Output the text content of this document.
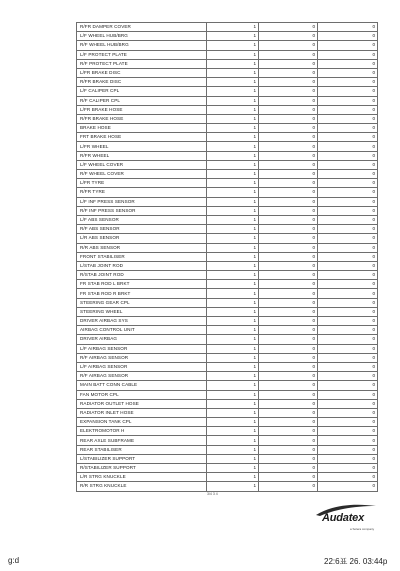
R/FR DAMPER COVER	1	0	0
L/F WHEEL HUB/BRG	1	0	0
R/F WHEEL HUB/BRG	1	0	0
L/F PROTECT PLATE	1	0	0
R/F PROTECT PLATE	1	0	0
L/FR BRAKE DISC	1	0	0
R/FR BRAKE DISC	1	0	0
L/F CALIPER CPL	1	0	0
R/F CALIPER CPL	1	0	0
L/FR BRAKE HOSE	1	0	0
R/FR BRAKE HOSE	1	0	0
BRAKE HOSE	1	0	0
FRT BRAKE HOSE	1	0	0
L/FR WHEEL	1	0	0
R/FR WHEEL	1	0	0
L/F WHEEL COVER	1	0	0
R/F WHEEL COVER	1	0	0
L/FR TYRE	1	0	0
R/FR TYRE	1	0	0
L/F INF PRESS SENSOR	1	0	0
R/F INF PRESS SENSOR	1	0	0
L/F ABS SENSOR	1	0	0
R/F ABS SENSOR	1	0	0
L/R ABS SENSOR	1	0	0
R/R ABS SENSOR	1	0	0
FRONT STABILISER	1	0	0
L/STAB JOINT ROD	1	0	0
R/STAB JOINT ROD	1	0	0
FR STAB ROD L BRKT	1	0	0
FR STAB ROD R BRKT	1	0	0
STEERING GEAR CPL	1	0	0
STEERING WHEEL	1	0	0
DRIVER AIRBAG SYS	1	0	0
AIRBAG CONTROL UNIT	1	0	0
DRIVER AIRBAG	1	0	0
L/F AIRBAG SENSOR	1	0	0
R/F AIRBAG SENSOR	1	0	0
L/F AIRBAG SENSOR	1	0	0
R/F AIRBAG SENSOR	1	0	0
MAIN BATT CONN CABLE	1	0	0
FAN MOTOR CPL	1	0	0
RADIATOR OUTLET HOSE	1	0	0
RADIATOR INLET HOSE	1	0	0
EXPANSION TANK CPL	1	0	0
ELEKTROMOTOR H	1	0	0
REAR AXLE SUBFRAME	1	0	0
REAR STABILISER	1	0	0
L/STABILIZER SUPPORT	1	0	0
R/STABILIZER SUPPORT	1	0	0
L/R STRG KNUCKLE	1	0	0
R/R STRG KNUCKLE	1	0	0
3/4 3 4
Audatex
a Solera company
g:d	22:6표 26. 03:44p
